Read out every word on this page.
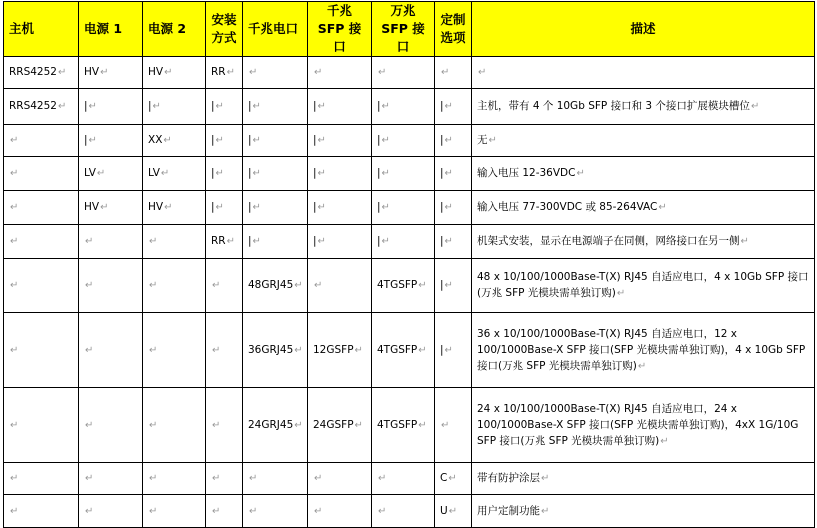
主机	电源 1	电源 2	安装方式	千兆电口	千兆 SFP 接口	万兆 SFP 接口	定制选项	描述
RRS4252↵	HV↵	HV↵	RR↵	↵	↵	↵	↵	↵
RRS4252↵	|↵	|↵	|↵	|↵	|↵	|↵	|↵	主机，带有 4 个 10Gb SFP 接口和 3 个接口扩展模块槽位↵
↵	|↵	XX↵	|↵	|↵	|↵	|↵	|↵	无↵
↵	LV↵	LV↵	|↵	|↵	|↵	|↵	|↵	输入电压 12-36VDC↵
↵	HV↵	HV↵	|↵	|↵	|↵	|↵	|↵	输入电压 77-300VDC 或 85-264VAC↵
↵	↵	↵	RR↵	|↵	|↵	|↵	|↵	机架式安装，显示在电源端子在同侧，网络接口在另一侧↵
↵	↵	↵	↵	48GRJ45↵	↵	4TGSFP↵	|↵	48 x 10/100/1000Base-T(X) RJ45 自适应电口，4 x 10Gb SFP 接口 (万兆 SFP 光模块需单独订购)↵
↵	↵	↵	↵	36GRJ45↵	12GSFP↵	4TGSFP↵	|↵	36 x 10/100/1000Base-T(X) RJ45 自适应电口，12 x 100/1000Base-X SFP 接口(SFP 光模块需单独订购)，4 x 10Gb SFP 接口(万兆 SFP 光模块需单独订购)↵
↵	↵	↵	↵	24GRJ45↵	24GSFP↵	4TGSFP↵	↵	24 x 10/100/1000Base-T(X) RJ45 自适应电口，24 x 100/1000Base-X SFP 接口(SFP 光模块需单独订购)，4xX 1G/10G SFP 接口(万兆 SFP 光模块需单独订购)↵
↵	↵	↵	↵	↵	↵	↵	C↵	带有防护涂层↵
↵	↵	↵	↵	↵	↵	↵	U↵	用户定制功能↵
